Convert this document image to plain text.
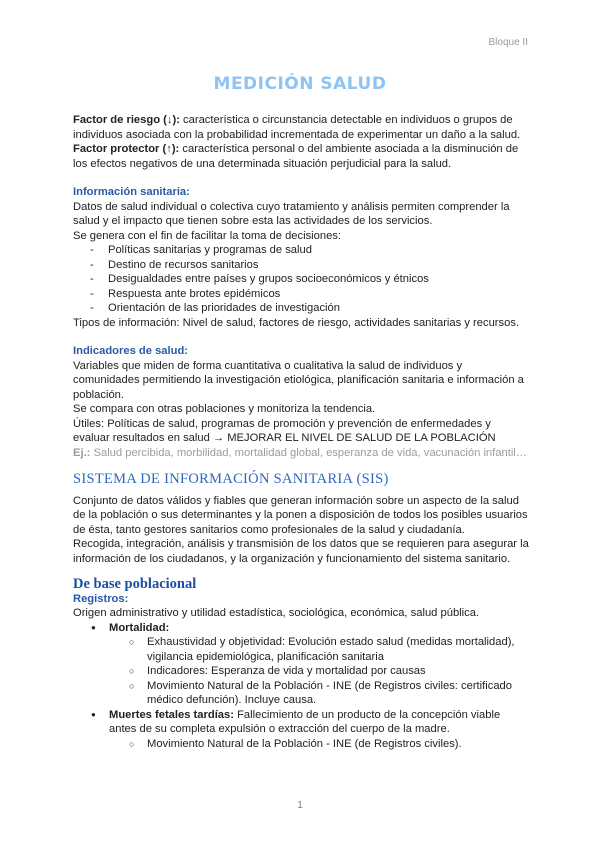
Bloque II
MEDICIÓN SALUD

Factor de riesgo (↓): característica o circunstancia detectable en individuos o grupos de individuos asociada con la probabilidad incrementada de experimentar un daño a la salud.

Factor protector (↑): característica personal o del ambiente asociada a la disminución de los efectos negativos de una determinada situación perjudicial para la salud.

Información sanitaria:

Datos de salud individual o colectiva cuyo tratamiento y análisis permiten comprender la salud y el impacto que tienen sobre esta las actividades de los servicios.

Se genera con el fin de facilitar la toma de decisiones:

- Políticas sanitarias y programas de salud
- Destino de recursos sanitarios
- Desigualdades entre países y grupos socioeconómicos y étnicos
- Respuesta ante brotes epidémicos
- Orientación de las prioridades de investigación

Tipos de información: Nivel de salud, factores de riesgo, actividades sanitarias y recursos.

Indicadores de salud:

Variables que miden de forma cuantitativa o cualitativa la salud de individuos y comunidades permitiendo la investigación etiológica, planificación sanitaria e información a población.

Se compara con otras poblaciones y monitoriza la tendencia.

Útiles: Políticas de salud, programas de promoción y prevención de enfermedades y evaluar resultados en salud → MEJORAR EL NIVEL DE SALUD DE LA POBLACIÓN

Ej.: Salud percibida, morbilidad, mortalidad global, esperanza de vida, vacunación infantil…

SISTEMA DE INFORMACIÓN SANITARIA (SIS)

Conjunto de datos válidos y fiables que generan información sobre un aspecto de la salud de la población o sus determinantes y la ponen a disposición de todos los posibles usuarios de ésta, tanto gestores sanitarios como profesionales de la salud y ciudadanía.

Recogida, integración, análisis y transmisión de los datos que se requieren para asegurar la información de los ciudadanos, y la organización y funcionamiento del sistema sanitario.

De base poblacional

Registros:

Origen administrativo y utilidad estadística, sociológica, económica, salud pública.

● Mortalidad:
○ Exhaustividad y objetividad: Evolución estado salud (medidas mortalidad), vigilancia epidemiológica, planificación sanitaria
○ Indicadores: Esperanza de vida y mortalidad por causas
○ Movimiento Natural de la Población - INE (de Registros civiles: certificado médico defunción). Incluye causa.
● Muertes fetales tardías: Fallecimiento de un producto de la concepción viable antes de su completa expulsión o extracción del cuerpo de la madre.
○ Movimiento Natural de la Población - INE (de Registros civiles).
1
